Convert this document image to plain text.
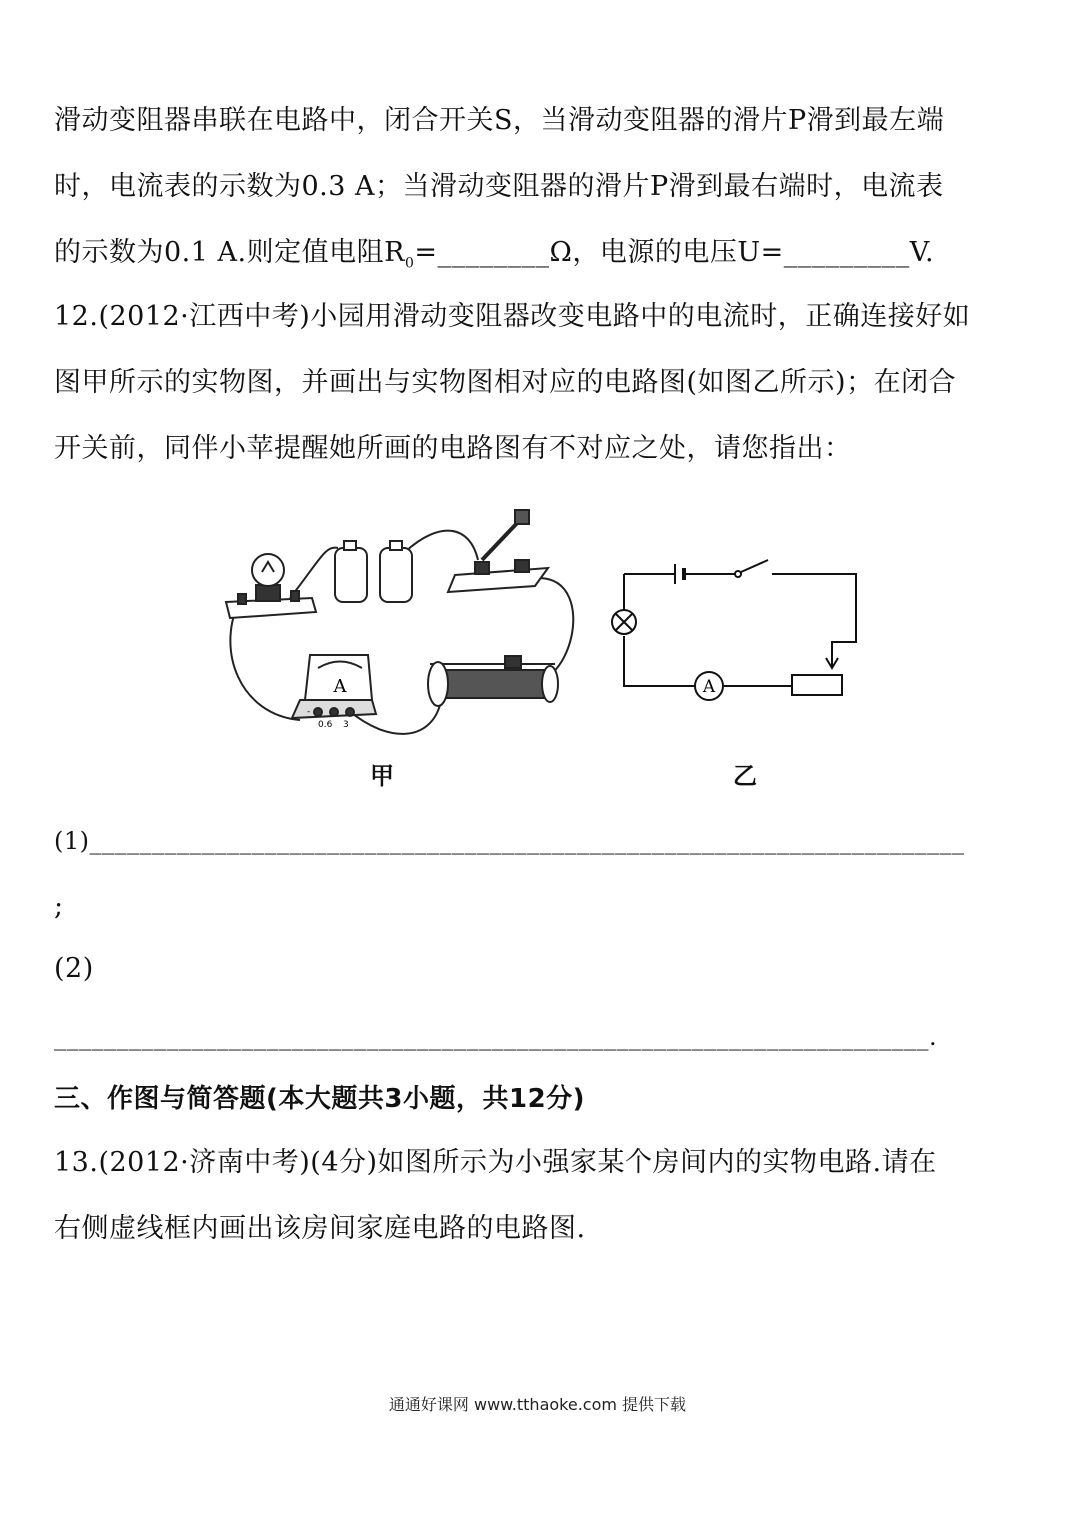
滑动变阻器串联在电路中，闭合开关S，当滑动变阻器的滑片P滑到最左端
时，电流表的示数为0.3 A；当滑动变阻器的滑片P滑到最右端时，电流表
的示数为0.1 A.则定值电阻$R_0=\_\_\_\_\_\_\_\_\Omega$，电源的电压U=_________V.
12.(2012·江西中考)小园用滑动变阻器改变电路中的电流时，正确连接好如
图甲所示的实物图，并画出与实物图相对应的电路图(如图乙所示)；在闭合
开关前，同伴小苹提醒她所画的电路图有不对应之处，请您指出：
A
-
0.6 3
A
甲	乙
(1)______________________________________________________________________
;
(2)
______________________________________________________________________.
三、作图与简答题(本大题共3小题，共12分)
13.(2012·济南中考)(4分)如图所示为小强家某个房间内的实物电路.请在
右侧虚线框内画出该房间家庭电路的电路图.
通通好课网 www.tthaoke.com 提供下载
